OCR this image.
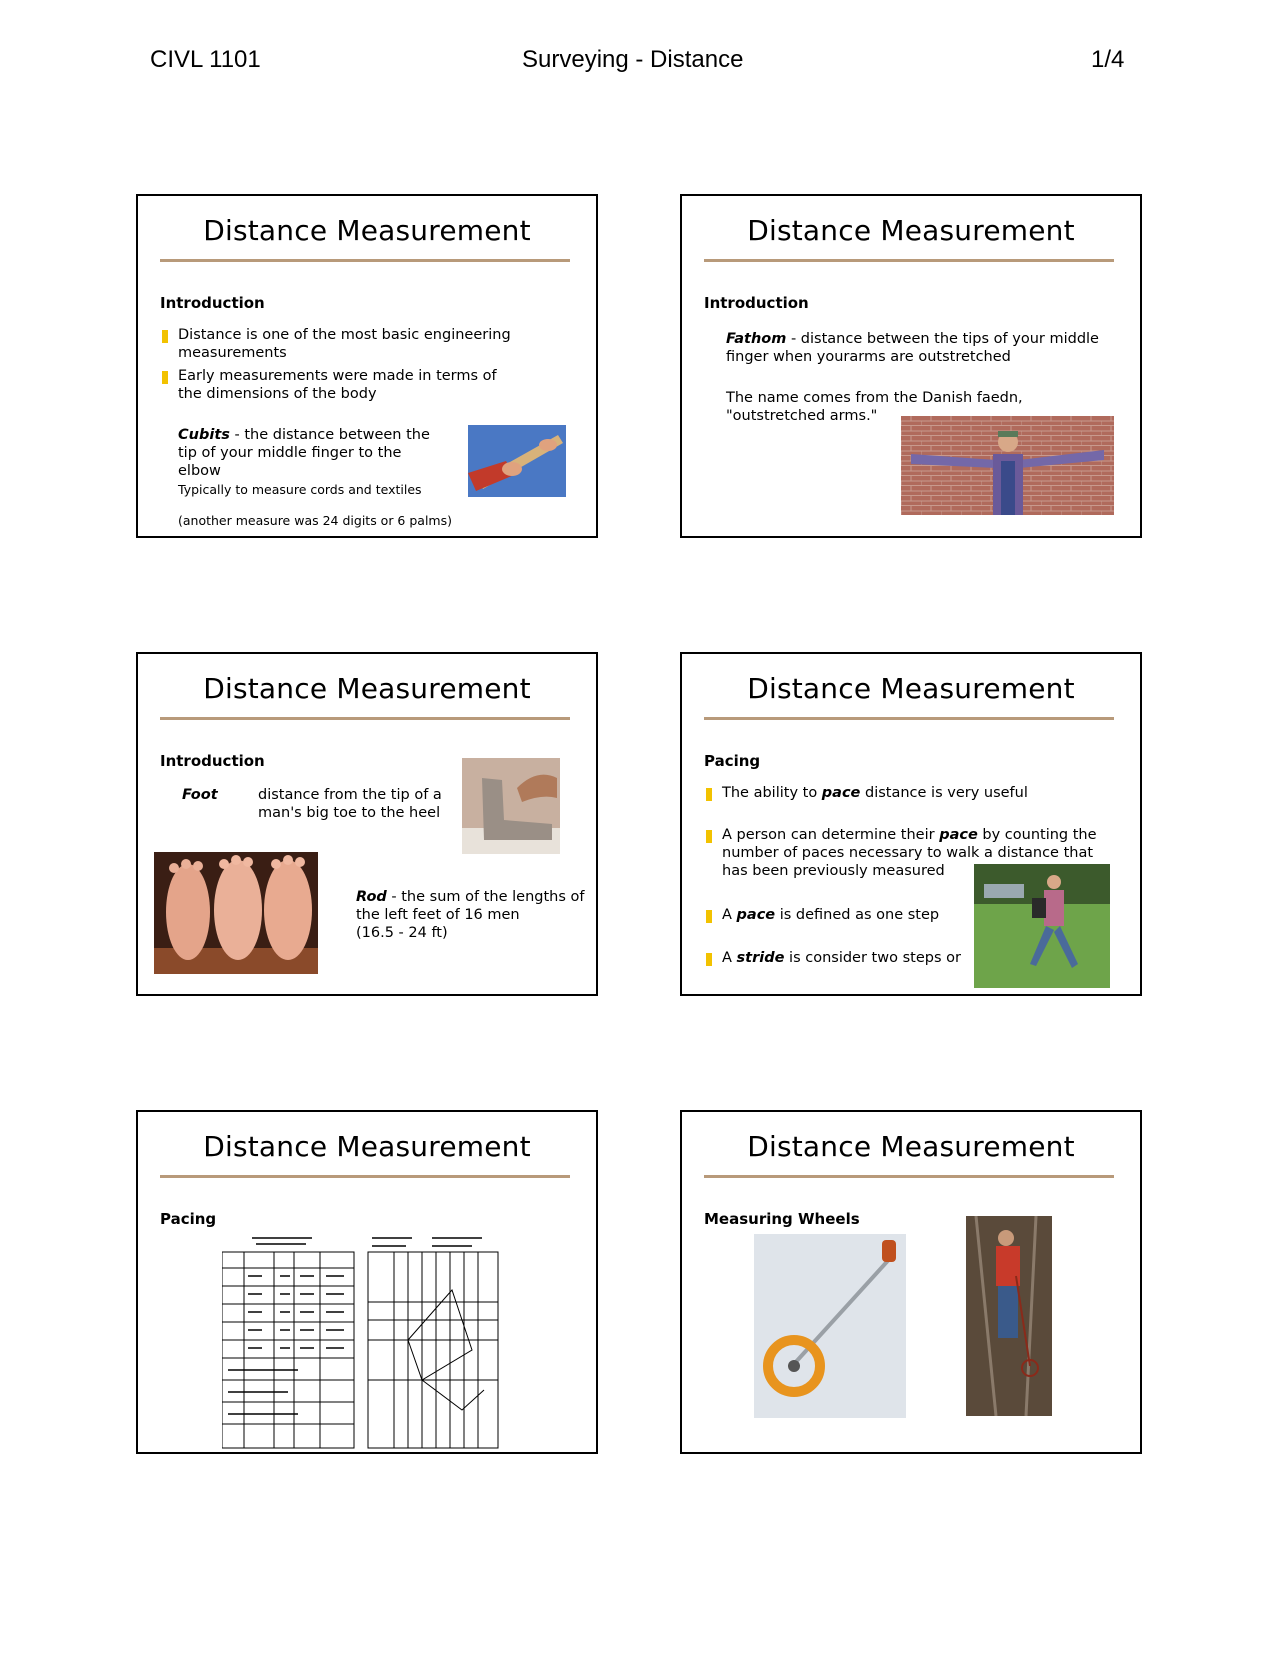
CIVL 1101	Surveying - Distance	1/4
Distance Measurement
Introduction
Distance is one of the most basic engineering measurements
Early measurements were made in terms of the dimensions of the body
Cubits - the distance between the tip of your middle finger to the elbow
Typically to measure cords and textiles
(another measure was 24 digits or 6 palms)
Distance Measurement
Introduction
Fathom - distance between the tips of your middle finger when yourarms are outstretched
The name comes from the Danish faedn, "outstretched arms."
Distance Measurement
Introduction
Foot	distance from the tip of a man's big toe to the heel
Rod - the sum of the lengths of the left feet of 16 men
(16.5 - 24 ft)
Distance Measurement
Pacing
The ability to pace distance is very useful
A person can determine their pace by counting the number of paces necessary to walk a distance that has been previously measured
A pace is defined as one step
A stride is consider two steps or
Distance Measurement
Pacing
Distance Measurement
Measuring Wheels
